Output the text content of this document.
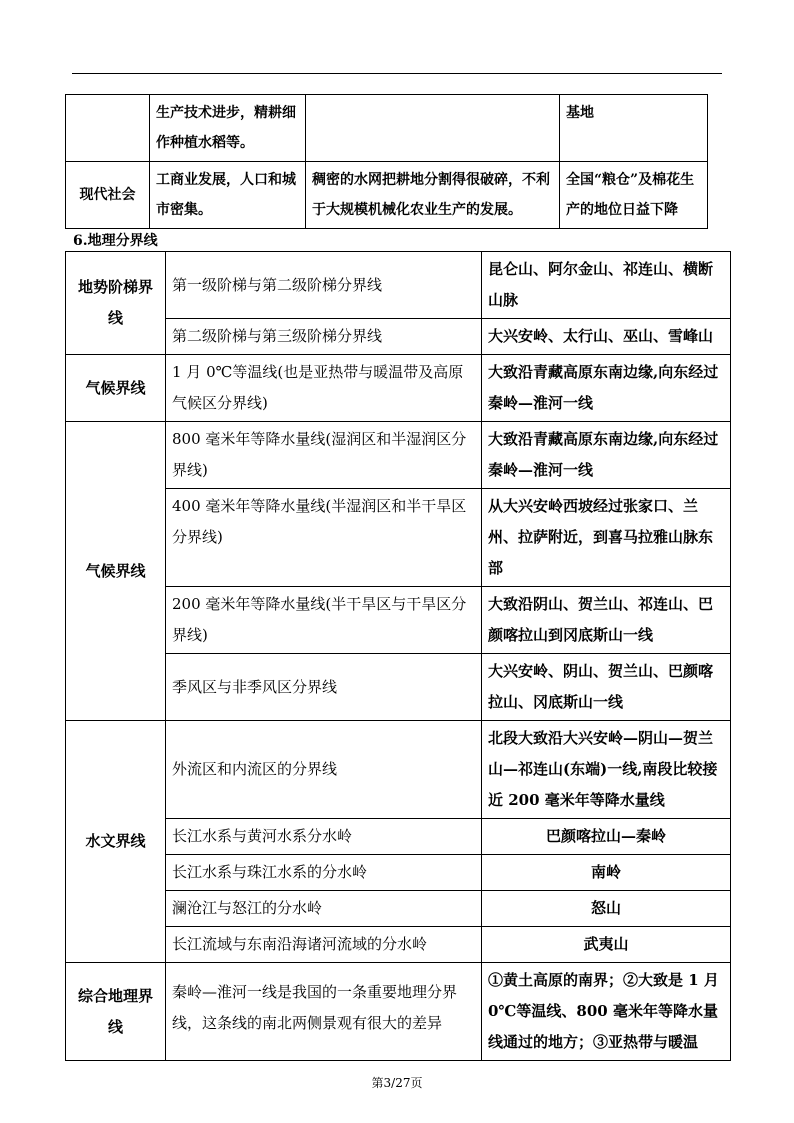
	生产技术进步，精耕细作种植水稻等。		基地
现代社会	工商业发展，人口和城市密集。	稠密的水网把耕地分割得很破碎，不利于大规模机械化农业生产的发展。	全国“粮仓”及棉花生产的地位日益下降
6.地理分界线
地势阶梯界线	第一级阶梯与第二级阶梯分界线	昆仑山、阿尔金山、祁连山、横断山脉
	第二级阶梯与第三级阶梯分界线	大兴安岭、太行山、巫山、雪峰山
气候界线	1 月 0℃等温线(也是亚热带与暖温带及高原气候区分界线)	大致沿青藏高原东南边缘,向东经过秦岭—淮河一线
气候界线	800 毫米年等降水量线(湿润区和半湿润区分界线)	大致沿青藏高原东南边缘,向东经过秦岭—淮河一线
	400 毫米年等降水量线(半湿润区和半干旱区分界线)	从大兴安岭西坡经过张家口、兰州、拉萨附近，到喜马拉雅山脉东部
	200 毫米年等降水量线(半干旱区与干旱区分界线)	大致沿阴山、贺兰山、祁连山、巴颜喀拉山到冈底斯山一线
	季风区与非季风区分界线	大兴安岭、阴山、贺兰山、巴颜喀拉山、冈底斯山一线
水文界线	外流区和内流区的分界线	北段大致沿大兴安岭—阴山—贺兰山—祁连山(东端)一线,南段比较接近 200 毫米年等降水量线
	长江水系与黄河水系分水岭	巴颜喀拉山—秦岭
	长江水系与珠江水系的分水岭	南岭
	澜沧江与怒江的分水岭	怒山
	长江流域与东南沿海诸河流域的分水岭	武夷山
综合地理界线	秦岭—淮河一线是我国的一条重要地理分界线，这条线的南北两侧景观有很大的差异	①黄土高原的南界；②大致是 1 月 0℃等温线、800 毫米年等降水量线通过的地方；③亚热带与暖温
第3/27页
